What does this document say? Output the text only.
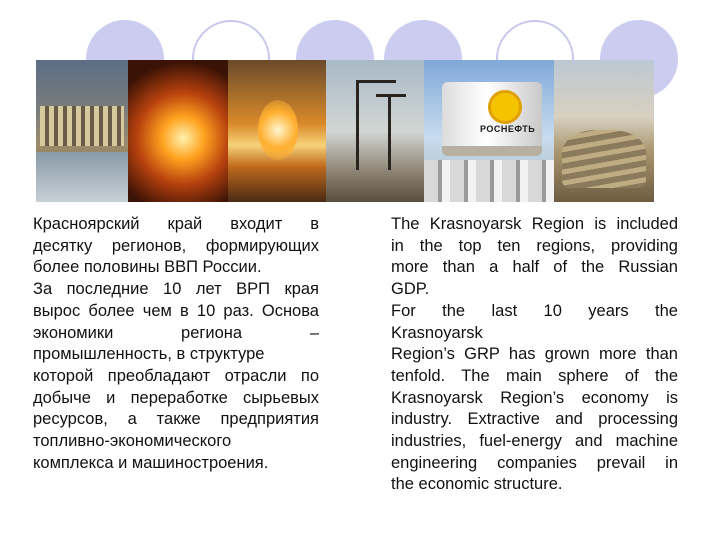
РОСНЕФТЬ

Красноярский край входит в

десятку регионов, формирующих

более половины ВВП России.

За последние 10 лет ВРП края

вырос более чем в 10 раз. Основа

экономики региона –

промышленность, в структуре

которой преобладают отрасли по

добыче и переработке сырьевых

ресурсов, а также предприятия

топливно-экономического

комплекса и машиностроения.

The Krasnoyarsk Region is included

in the top ten regions, providing

more than a half of the Russian

GDP.

For the last 10 years the

Krasnoyarsk

Region’s GRP has grown more than

tenfold. The main sphere of the

Krasnoyarsk Region’s economy is

industry. Extractive and processing

industries, fuel-energy and machine

engineering companies prevail in

the economic structure.
